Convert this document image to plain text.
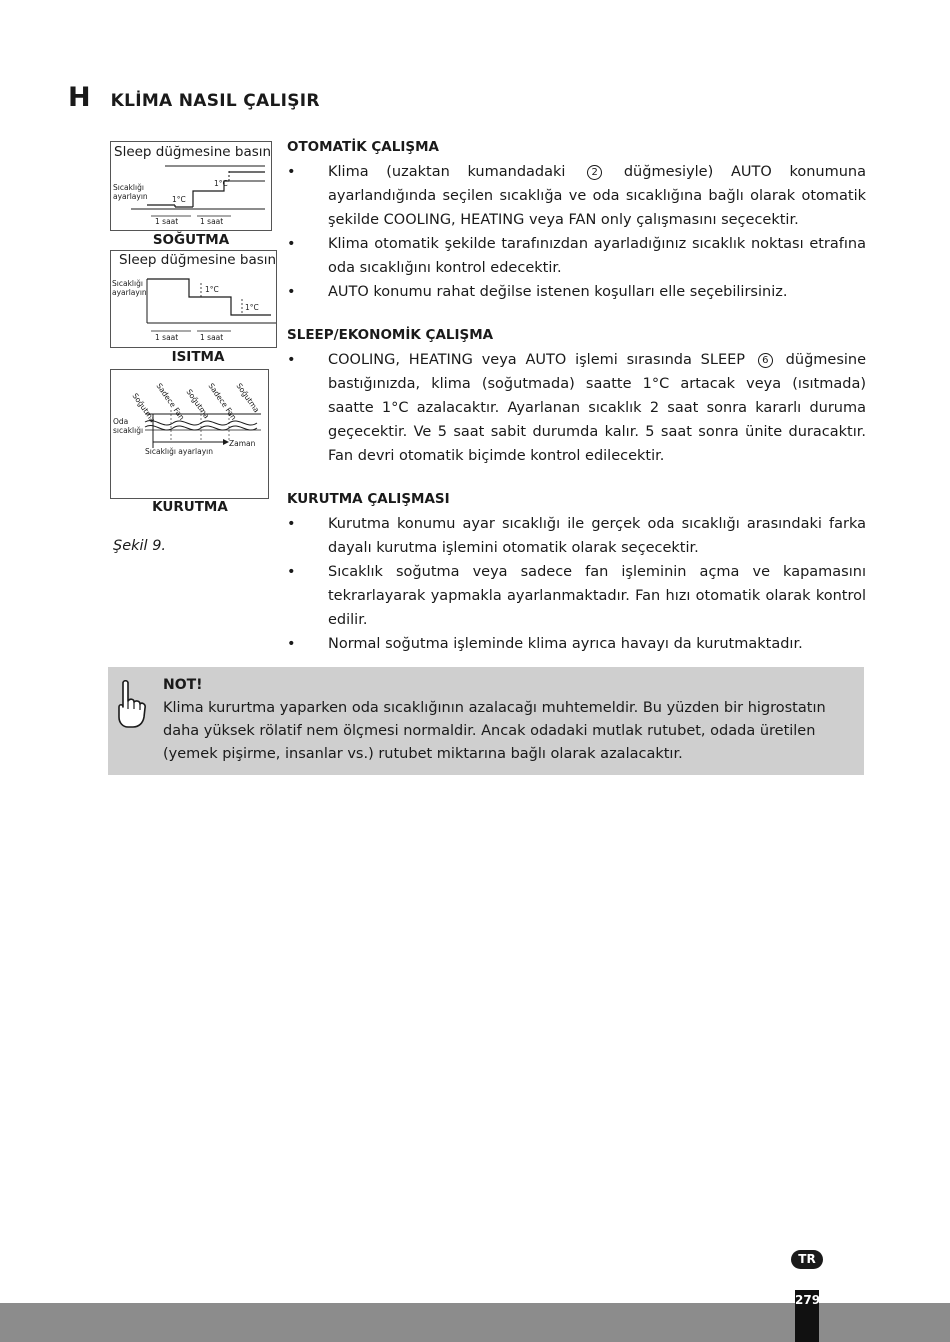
H KLİMA NASIL ÇALIŞIR
Sleep düğmesine basın
Sıcaklığı
ayarlayın	1°C
1°C
1 saat	1 saat
SOĞUTMA
Sleep düğmesine basın
Sıcaklığı
ayarlayın	1°C
1°C
1 saat	1 saat
ISITMA
Soğutma
Sadece Fan
Soğutma
Sadece Fan
Soğutma
Oda
sıcaklığı
Zaman
Sıcaklığı ayarlayın
KURUTMA
Şekil 9.
OTOMATİK ÇALIŞMA

• Klima (uzaktan kumandadaki	2 düğmesiyle) AUTO konumuna ayarlandığında seçilen sıcaklığa ve oda sıcaklığına bağlı olarak otomatik şekilde COOLING, HEATING veya FAN only çalışmasını seçecektir.

• Klima otomatik şekilde tarafınızdan ayarladığınız sıcaklık noktası etrafına oda sıcaklığını kontrol edecektir.

• AUTO konumu rahat değilse istenen koşulları elle seçebilirsiniz.

SLEEP/EKONOMİK ÇALIŞMA

• COOLING, HEATING veya AUTO işlemi sırasında SLEEP 6 düğmesine bastığınızda, klima (soğutmada) saatte 1°C artacak veya (ısıtmada) saatte 1°C azalacaktır. Ayarlanan sıcaklık 2 saat sonra kararlı duruma geçecektir. Ve 5 saat sabit durumda kalır. 5 saat sonra ünite duracaktır. Fan devri otomatik biçimde kontrol edilecektir.

KURUTMA ÇALIŞMASI

• Kurutma konumu ayar sıcaklığı ile gerçek oda sıcaklığı arasındaki farka dayalı kurutma işlemini otomatik olarak seçecektir.

• Sıcaklık soğutma veya sadece fan işleminin açma ve kapamasını tekrarlayarak yapmakla ayarlanmaktadır. Fan hızı otomatik olarak kontrol edilir.

• Normal soğutma işleminde klima ayrıca havayı da kurutmaktadır.

NOT!
Klima kururtma yaparken oda sıcaklığının azalacağı muhtemeldir. Bu yüzden bir higrostatın daha yüksek rölatif nem ölçmesi normaldir. Ancak odadaki mutlak rutubet, odada üretilen (yemek pişirme, insanlar vs.) rutubet miktarına bağlı olarak azalacaktır.
TR
279
